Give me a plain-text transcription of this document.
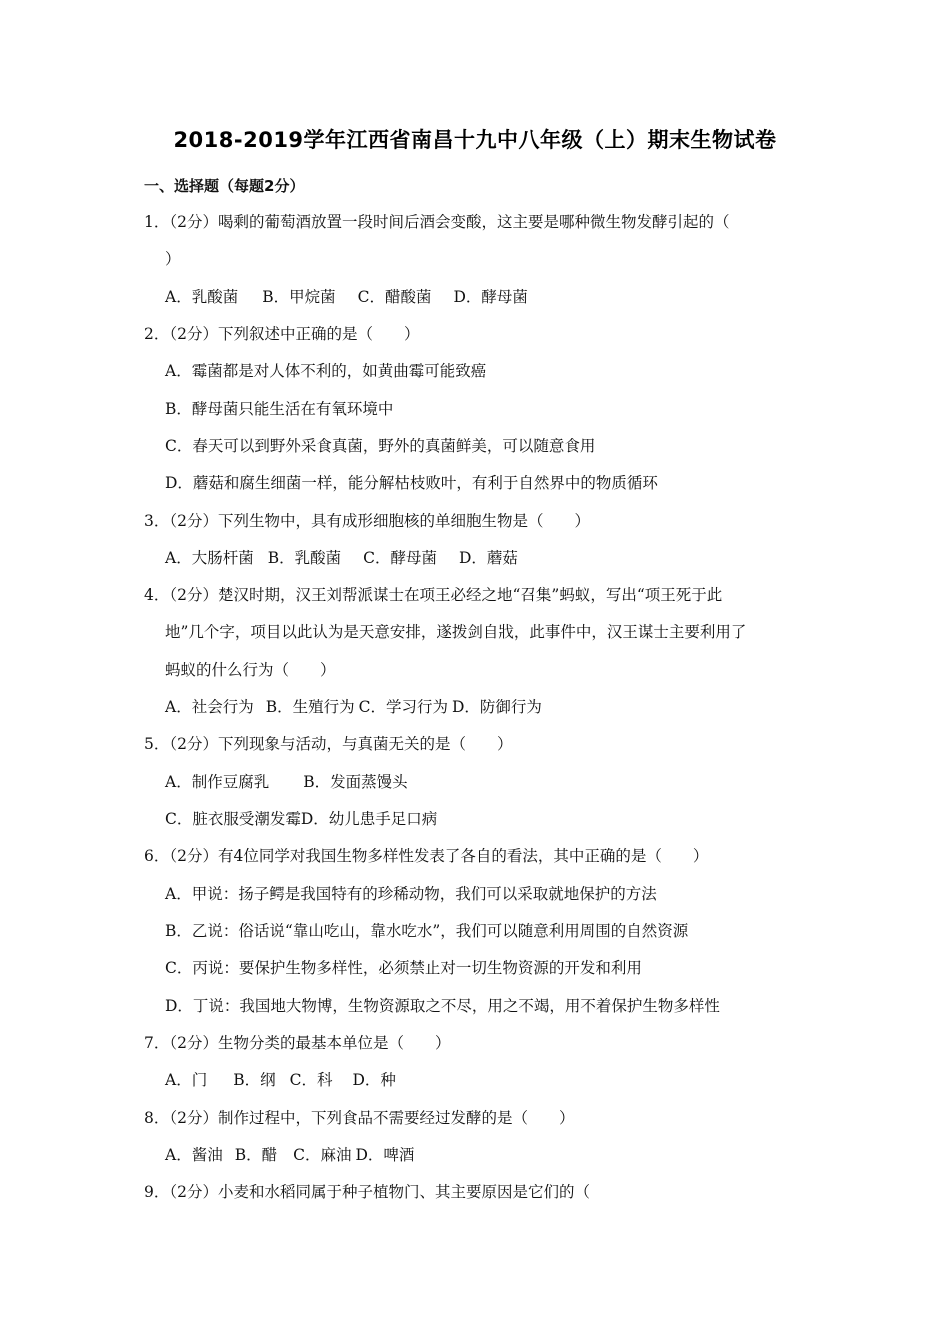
2018-2019学年江西省南昌十九中八年级（上）期末生物试卷
一、选择题（每题2分）
1．（2分）喝剩的葡萄酒放置一段时间后酒会变酸，这主要是哪种微生物发酵引起的（
）
A．乳酸菌 B．甲烷菌 C．醋酸菌 D．酵母菌
2．（2分）下列叙述中正确的是（　　）
A．霉菌都是对人体不利的，如黄曲霉可能致癌
B．酵母菌只能生活在有氧环境中
C．春天可以到野外采食真菌，野外的真菌鲜美，可以随意食用
D．蘑菇和腐生细菌一样，能分解枯枝败叶，有利于自然界中的物质循环
3．（2分）下列生物中，具有成形细胞核的单细胞生物是（　　）
A．大肠杆菌 B．乳酸菌 C．酵母菌 D．蘑菇
4．（2分）楚汉时期，汉王刘帮派谋士在项王必经之地“召集”蚂蚁，写出“项王死于此
地”几个字，项目以此认为是天意安排，遂拨剑自戕，此事件中，汉王谋士主要利用了
蚂蚁的什么行为（　　）
A．社会行为 B．生殖行为 C．学习行为 D．防御行为
5．（2分）下列现象与活动，与真菌无关的是（　　）
A．制作豆腐乳 B．发面蒸馒头
C．脏衣服受潮发霉D．幼儿患手足口病
6．（2分）有4位同学对我国生物多样性发表了各自的看法，其中正确的是（　　）
A．甲说：扬子鳄是我国特有的珍稀动物，我们可以采取就地保护的方法
B．乙说：俗话说“靠山吃山，靠水吃水”，我们可以随意利用周围的自然资源
C．丙说：要保护生物多样性，必须禁止对一切生物资源的开发和利用
D．丁说：我国地大物博，生物资源取之不尽，用之不竭，用不着保护生物多样性
7．（2分）生物分类的最基本单位是（　　）
A．门 B．纲 C．科 D．种
8．（2分）制作过程中，下列食品不需要经过发酵的是（　　）
A．酱油 B．醋 C．麻油 D．啤酒
9．（2分）小麦和水稻同属于种子植物门、其主要原因是它们的（
